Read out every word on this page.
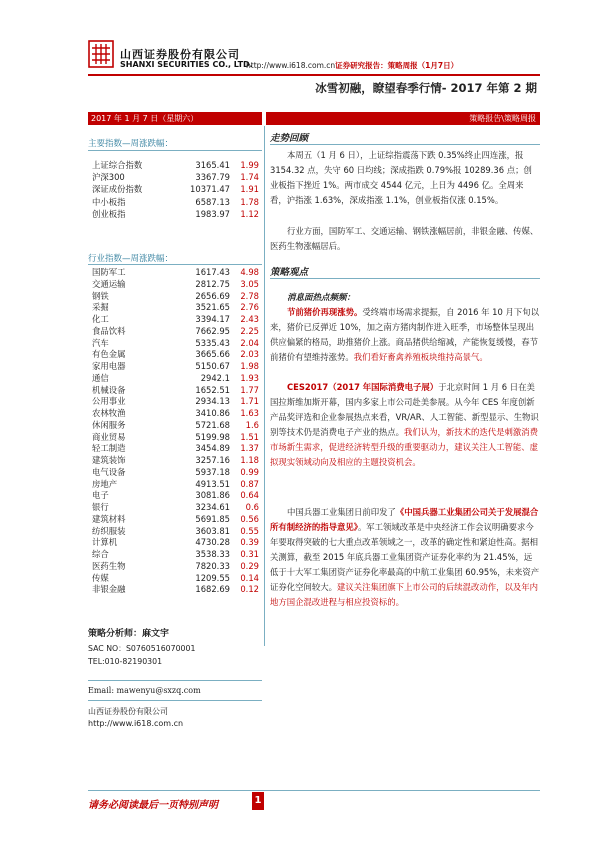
山西证券股份有限公司
SHANXI SECURITIES CO., LTD.
http://www.i618.com.cn证券研究报告：策略周报（1月7日）
冰雪初融，瞭望春季行情- 2017 年第 2 期
2017 年 1 月 7 日（星期六）	策略报告\策略周报
主要指数—周涨跌幅：
上证综合指数	3165.41	1.99
沪深300	3367.79	1.74
深证成份指数	10371.47	1.91
中小板指	6587.13	1.78
创业板指	1983.97	1.12
行业指数—周涨跌幅：
国防军工	1617.43	4.98
交通运输	2812.75	3.05
钢铁	2656.69	2.78
采掘	3521.65	2.76
化工	3394.17	2.43
食品饮料	7662.95	2.25
汽车	5335.43	2.04
有色金属	3665.66	2.03
家用电器	5150.67	1.98
通信	2942.1	1.93
机械设备	1652.51	1.77
公用事业	2934.13	1.71
农林牧渔	3410.86	1.63
休闲服务	5721.68	1.6
商业贸易	5199.98	1.51
轻工制造	3454.89	1.37
建筑装饰	3257.16	1.18
电气设备	5937.18	0.99
房地产	4913.51	0.87
电子	3081.86	0.64
银行	3234.61	0.6
建筑材料	5691.85	0.56
纺织服装	3603.81	0.55
计算机	4730.28	0.39
综合	3538.33	0.31
医药生物	7820.33	0.29
传媒	1209.55	0.14
非银金融	1682.69	0.12
策略分析师：麻文宇
SAC NO：S0760516070001
TEL:010-82190301
Email: mawenyu@sxzq.com
山西证券股份有限公司
http://www.i618.com.cn
走势回顾
本周五（1 月 6 日），上证综指震荡下跌 0.35%终止四连涨，报 3154.32 点，失守 60 日均线；深成指跌 0.79%报 10289.36 点；创业板指下挫近 1%。两市成交 4544 亿元，上日为 4496 亿。全周来看，沪指涨 1.63%，深成指涨 1.1%，创业板指仅涨 0.15%。
行业方面，国防军工、交通运输、钢铁涨幅居前，非银金融、传媒、医药生物涨幅居后。
策略观点
消息面热点频频：
节前猪价再现涨势。受终端市场需求提振，自 2016 年 10 月下旬以来，猪价已反弹近 10%，加之南方猪肉制作进入旺季，市场整体呈现出供应偏紧的格局，助推猪价上涨。商品猪供给缩减，产能恢复缓慢，春节前猪价有望维持涨势。我们看好畜禽养殖板块维持高景气。
CES2017（2017 年国际消费电子展）于北京时间 1 月 6 日在美国拉斯维加斯开幕，国内多家上市公司赴美参展。从今年 CES 年度创新产品奖评选和企业参展热点来看，VR/AR、人工智能、新型显示、生物识别等技术仍是消费电子产业的热点。我们认为，新技术的迭代是刺激消费市场新生需求，促进经济转型升级的重要驱动力，建议关注人工智能、虚拟现实领域动向及相应的主题投资机会。
中国兵器工业集团日前印发了《中国兵器工业集团公司关于发展混合所有制经济的指导意见》。军工领域改革是中央经济工作会议明确要求今年要取得突破的七大重点改革领域之一，改革的确定性和紧迫性高。据相关测算，截至 2015 年底兵器工业集团资产证券化率约为 21.45%，远低于十大军工集团资产证券化率最高的中航工业集团 60.95%，未来资产证券化空间较大。建议关注集团旗下上市公司的后续混改动作，以及年内地方国企混改进程与相应投资标的。
请务必阅读最后一页特别声明	1
